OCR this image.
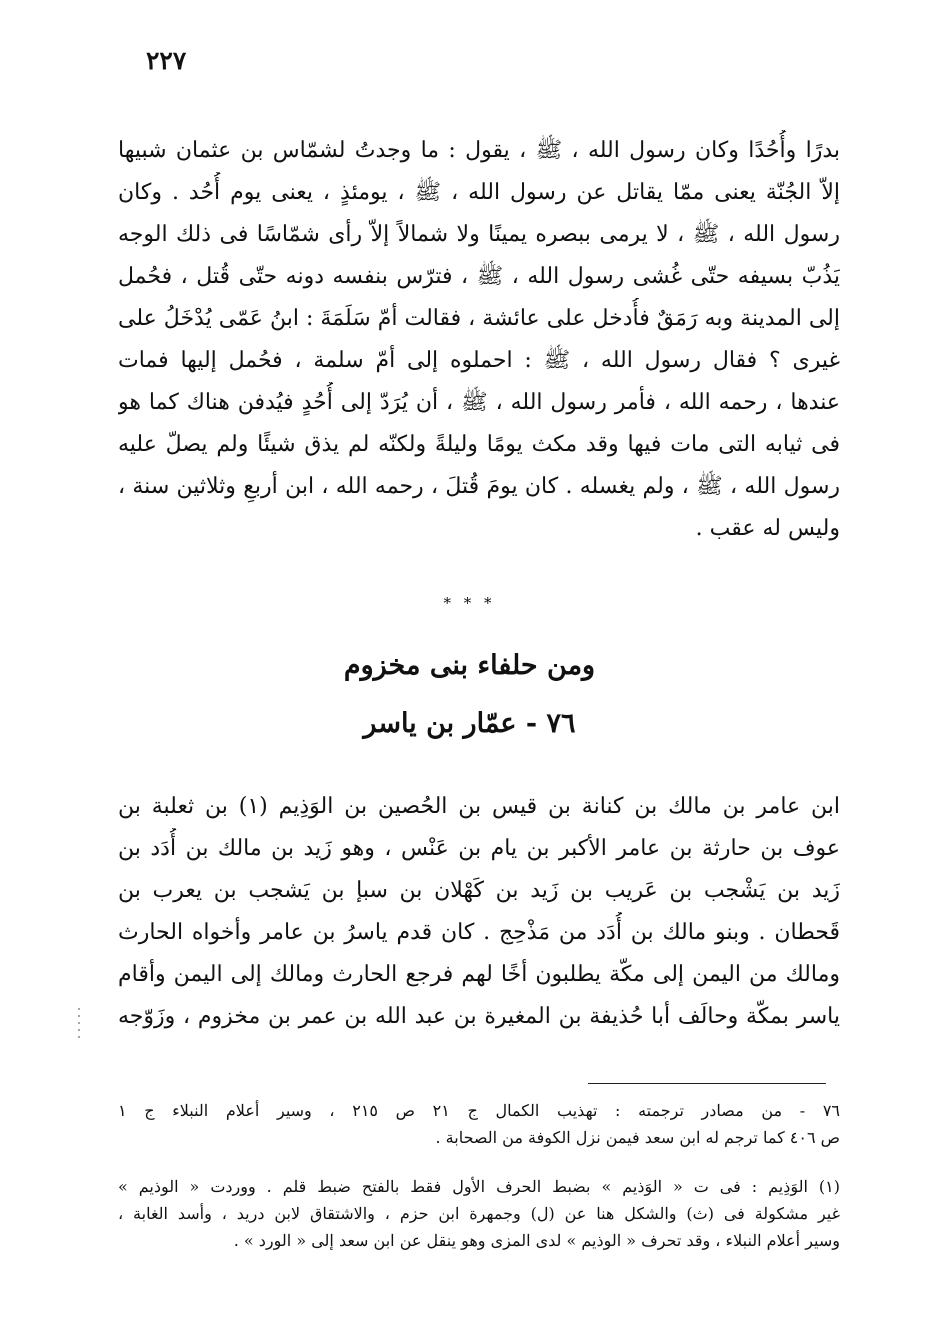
٢٢٧
بدرًا وأُحُدًا وكان رسول الله ، ﷺ ، يقول : ما وجدتُ لشمّاس بن عثمان شبيها
إلاّ الجُنّة يعنى ممّا يقاتل عن رسول الله ، ﷺ ، يومئذٍ ، يعنى يوم أُحُد . وكان
رسول الله ، ﷺ ، لا يرمى ببصره يمينًا ولا شمالاً إلاّ رأى شمّاسًا فى ذلك الوجه
يَذُبّ بسيفه حتّى غُشى رسول الله ، ﷺ ، فترّس بنفسه دونه حتّى قُتل ، فحُمل
إلى المدينة وبه رَمَقٌ فأُدخل على عائشة ، فقالت أمّ سَلَمَةَ : ابنُ عَمّى يُدْخَلُ على
غيرى ؟ فقال رسول الله ، ﷺ : احملوه إلى أمّ سلمة ، فحُمل إليها فمات
عندها ، رحمه الله ، فأمر رسول الله ، ﷺ ، أن يُرَدّ إلى أُحُدٍ فيُدفن هناك كما هو
فى ثيابه التى مات فيها وقد مكث يومًا وليلةً ولكنّه لم يذق شيئًا ولم يصلّ عليه
رسول الله ، ﷺ ، ولم يغسله . كان يومَ قُتلَ ، رحمه الله ، ابن أربعِ وثلاثين سنة ،
وليس له عقب .
* * *
ومن حلفاء بنى مخزوم
٧٦ - عمّار بن ياسر
ابن عامر بن مالك بن كنانة بن قيس بن الحُصين بن الوَذِيم (١) بن ثعلبة بن
عوف بن حارثة بن عامر الأكبر بن يام بن عَنْس ، وهو زَيد بن مالك بن أُدَد بن
زَيد بن يَشْجب بن عَريب بن زَيد بن كَهْلان بن سبإ بن يَشجب بن يعرب بن
قَحطان . وبنو مالك بن أُدَد من مَذْحِج . كان قدم ياسرُ بن عامر وأخواه الحارث
ومالك من اليمن إلى مكّة يطلبون أخًا لهم فرجع الحارث ومالك إلى اليمن وأقام
ياسر بمكّة وحالَف أبا حُذيفة بن المغيرة بن عبد الله بن عمر بن مخزوم ، وزَوّجه
٧٦ - من مصادر ترجمته : تهذيب الكمال ج ٢١ ص ٢١٥ ، وسير أعلام النبلاء ج ١
ص ٤٠٦ كما ترجم له ابن سعد فيمن نزل الكوفة من الصحابة .
(١) الوَذِيم : فى ت « الوَذيم » بضبط الحرف الأول فقط بالفتح ضبط قلم . ووردت « الوذيم »
غير مشكولة فى (ث) والشكل هنا عن (ل) وجمهرة ابن حزم ، والاشتقاق لابن دريد ، وأسد الغابة ،
وسير أعلام النبلاء ، وقد تحرف « الوذيم » لدى المزى وهو ينقل عن ابن سعد إلى « الورد » .
